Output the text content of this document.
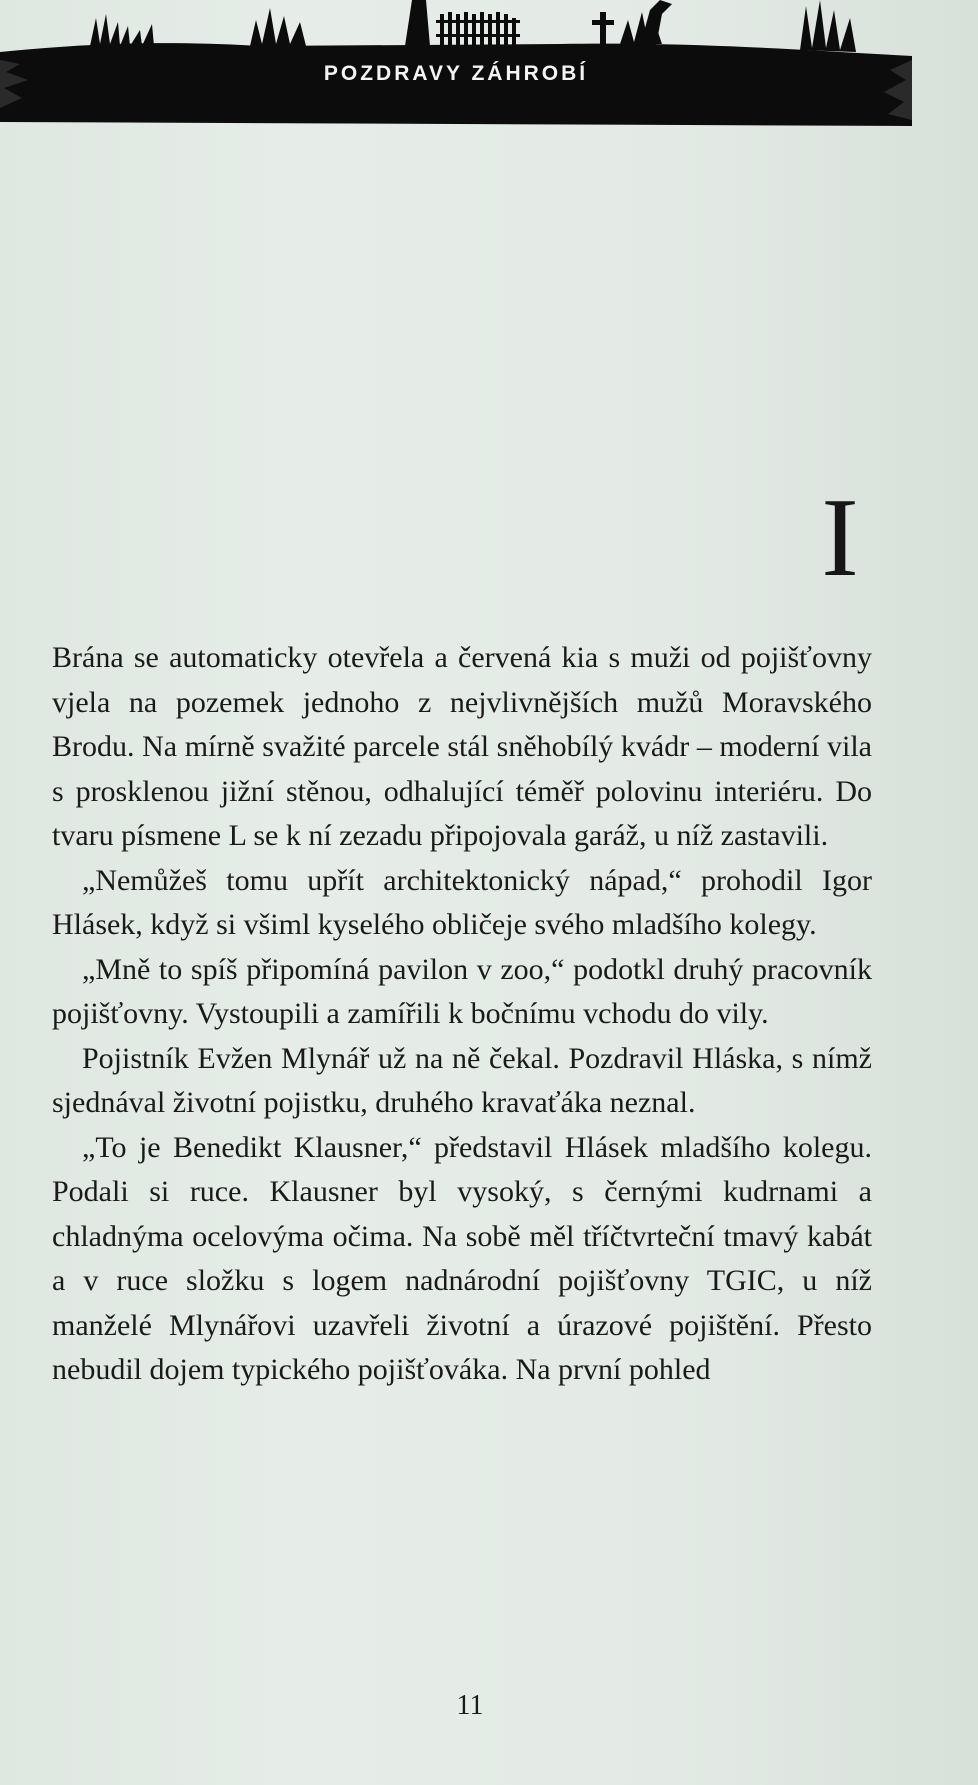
POZDRAVY ZÁHROBÍ
I

Brána se automaticky otevřela a červená kia s muži od pojišťovny vjela na pozemek jednoho z nejvlivnějších mužů Moravského Brodu. Na mírně svažité parcele stál sněhobílý kvádr – moderní vila s prosklenou jižní stěnou, odhalující téměř polovinu interiéru. Do tvaru písmene L se k ní zezadu připojovala garáž, u níž zastavili.

„Nemůžeš tomu upřít architektonický nápad,“ prohodil Igor Hlásek, když si všiml kyselého obličeje svého mladšího kolegy.

„Mně to spíš připomíná pavilon v zoo,“ podotkl druhý pracovník pojišťovny. Vystoupili a zamířili k bočnímu vchodu do vily.

Pojistník Evžen Mlynář už na ně čekal. Pozdravil Hláska, s nímž sjednával životní pojistku, druhého kravaťáka neznal.

„To je Benedikt Klausner,“ představil Hlásek mladšího kolegu. Podali si ruce. Klausner byl vysoký, s černými kudrnami a chladnýma ocelovýma očima. Na sobě měl tříčtvrteční tmavý kabát a v ruce složku s logem nadnárodní pojišťovny TGIC, u níž manželé Mlynářovi uzavřeli životní a úrazové pojištění. Přesto nebudil dojem typického pojišťováka. Na první pohled

11
